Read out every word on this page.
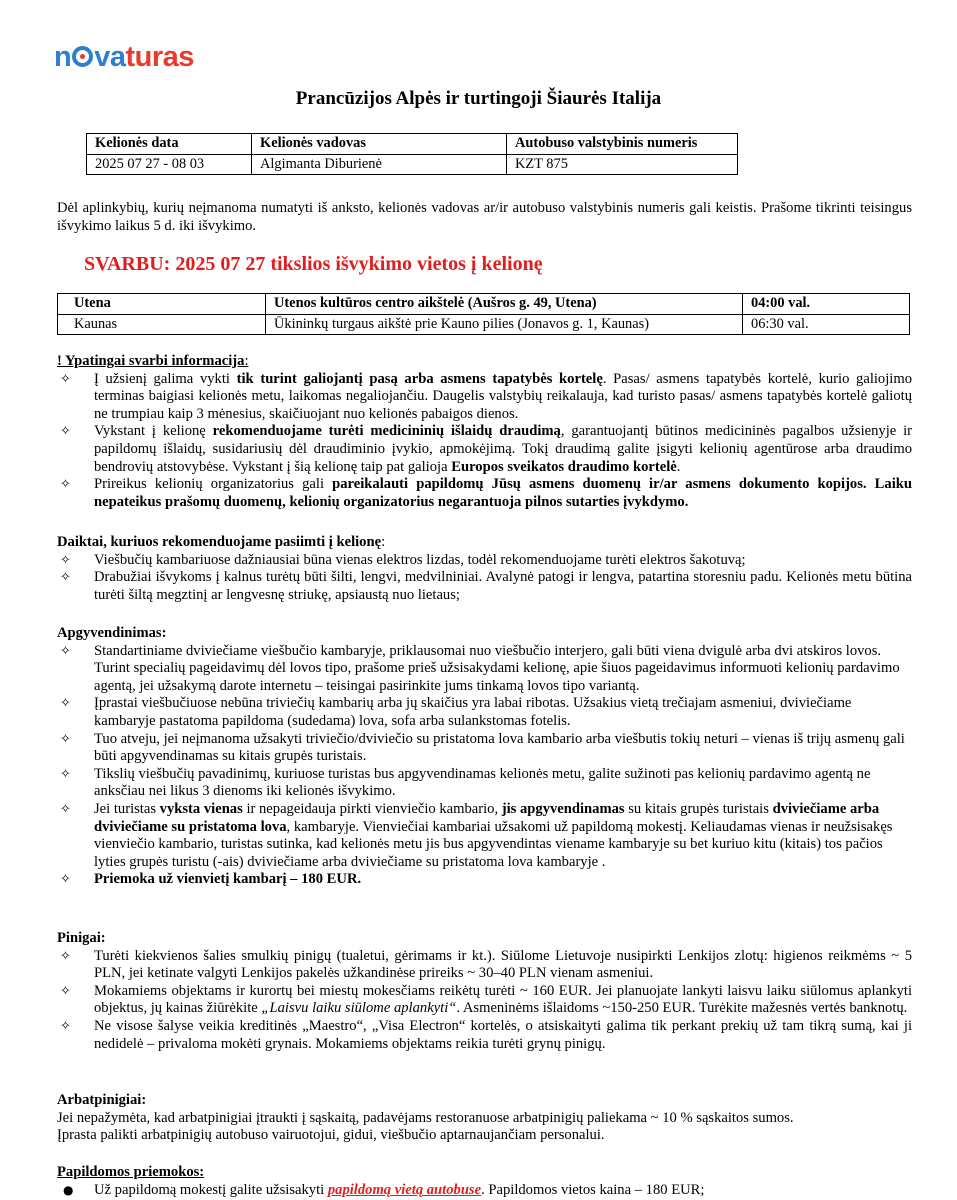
n vaturas
Prancūzijos Alpės ir turtingoji Šiaurės Italija
Kelionės data	Kelionės vadovas	Autobuso valstybinis numeris
2025 07 27 - 08 03	Algimanta Diburienė	KZT 875
Dėl aplinkybių, kurių neįmanoma numatyti iš anksto, kelionės vadovas ar/ir autobuso valstybinis numeris gali keistis. Prašome tikrinti teisingus išvykimo laikus 5 d. iki išvykimo.
SVARBU: 2025 07 27 tikslios išvykimo vietos į kelionę
Utena	Utenos kultūros centro aikštelė (Aušros g. 49, Utena)	04:00 val.
Kaunas	Ūkininkų turgaus aikštė prie Kauno pilies (Jonavos g. 1, Kaunas)	06:30 val.
! Ypatingai svarbi informacija:
✧ Į užsienį galima vykti tik turint galiojantį pasą arba asmens tapatybės kortelę. Pasas/ asmens tapatybės kortelė, kurio galiojimo terminas baigiasi kelionės metu, laikomas negaliojančiu. Daugelis valstybių reikalauja, kad turisto pasas/ asmens tapatybės kortelė galiotų ne trumpiau kaip 3 mėnesius, skaičiuojant nuo kelionės pabaigos dienos.
✧ Vykstant į kelionę rekomenduojame turėti medicininių išlaidų draudimą, garantuojantį būtinos medicininės pagalbos užsienyje ir papildomų išlaidų, susidariusių dėl draudiminio įvykio, apmokėjimą. Tokį draudimą galite įsigyti kelionių agentūrose arba draudimo bendrovių atstovybėse. Vykstant į šią kelionę taip pat galioja Europos sveikatos draudimo kortelė.
✧ Prireikus kelionių organizatorius gali pareikalauti papildomų Jūsų asmens duomenų ir/ar asmens dokumento kopijos. Laiku nepateikus prašomų duomenų, kelionių organizatorius negarantuoja pilnos sutarties įvykdymo.
Daiktai, kuriuos rekomenduojame pasiimti į kelionę:
✧ Viešbučių kambariuose dažniausiai būna vienas elektros lizdas, todėl rekomenduojame turėti elektros šakotuvą;
✧ Drabužiai išvykoms į kalnus turėtų būti šilti, lengvi, medvilniniai. Avalynė patogi ir lengva, patartina storesniu padu. Kelionės metu būtina turėti šiltą megztinį ar lengvesnę striukę, apsiaustą nuo lietaus;
Apgyvendinimas:
✧ Standartiniame dviviečiame viešbučio kambaryje, priklausomai nuo viešbučio interjero, gali būti viena dvigulė arba dvi atskiros lovos. Turint specialių pageidavimų dėl lovos tipo, prašome prieš užsisakydami kelionę, apie šiuos pageidavimus informuoti kelionių pardavimo agentą, jei užsakymą darote internetu – teisingai pasirinkite jums tinkamą lovos tipo variantą.
✧ Įprastai viešbučiuose nebūna triviečių kambarių arba jų skaičius yra labai ribotas. Užsakius vietą trečiajam asmeniui, dviviečiame kambaryje pastatoma papildoma (sudedama) lova, sofa arba sulankstomas fotelis.
✧ Tuo atveju, jei neįmanoma užsakyti triviečio/dviviečio su pristatoma lova kambario arba viešbutis tokių neturi – vienas iš trijų asmenų gali būti apgyvendinamas su kitais grupės turistais.
✧ Tikslių viešbučių pavadinimų, kuriuose turistas bus apgyvendinamas kelionės metu, galite sužinoti pas kelionių pardavimo agentą ne anksčiau nei likus 3 dienoms iki kelionės išvykimo.
✧ Jei turistas vyksta vienas ir nepageidauja pirkti vienviečio kambario, jis apgyvendinamas su kitais grupės turistais dviviečiame arba dviviečiame su pristatoma lova, kambaryje. Vienviečiai kambariai užsakomi už papildomą mokestį. Keliaudamas vienas ir neužsisakęs vienviečio kambario, turistas sutinka, kad kelionės metu jis bus apgyvendintas viename kambaryje su bet kuriuo kitu (kitais) tos pačios lyties grupės turistu (-ais) dviviečiame arba dviviečiame su pristatoma lova kambaryje .
✧ Priemoka už vienvietį kambarį – 180 EUR.
Pinigai:
✧ Turėti kiekvienos šalies smulkių pinigų (tualetui, gėrimams ir kt.). Siūlome Lietuvoje nusipirkti Lenkijos zlotų: higienos reikmėms ~ 5 PLN, jei ketinate valgyti Lenkijos pakelės užkandinėse prireiks ~ 30–40 PLN vienam asmeniui.
✧ Mokamiems objektams ir kurortų bei miestų mokesčiams reikėtų turėti ~ 160 EUR. Jei planuojate lankyti laisvu laiku siūlomus aplankyti objektus, jų kainas žiūrėkite „Laisvu laiku siūlome aplankyti“. Asmeninėms išlaidoms ~150-250 EUR. Turėkite mažesnės vertės banknotų.
✧ Ne visose šalyse veikia kreditinės „Maestro“, „Visa Electron“ kortelės, o atsiskaityti galima tik perkant prekių už tam tikrą sumą, kai ji nedidelė – privaloma mokėti grynais. Mokamiems objektams reikia turėti grynų pinigų.
Arbatpinigiai:
Jei nepažymėta, kad arbatpinigiai įtraukti į sąskaitą, padavėjams restoranuose arbatpinigių paliekama ~ 10 % sąskaitos sumos.
Įprasta palikti arbatpinigių autobuso vairuotojui, gidui, viešbučio aptarnaujančiam personalui.
Papildomos priemokos:
● Už papildomą mokestį galite užsisakyti papildomą vietą autobuse. Papildomos vietos kaina – 180 EUR;
